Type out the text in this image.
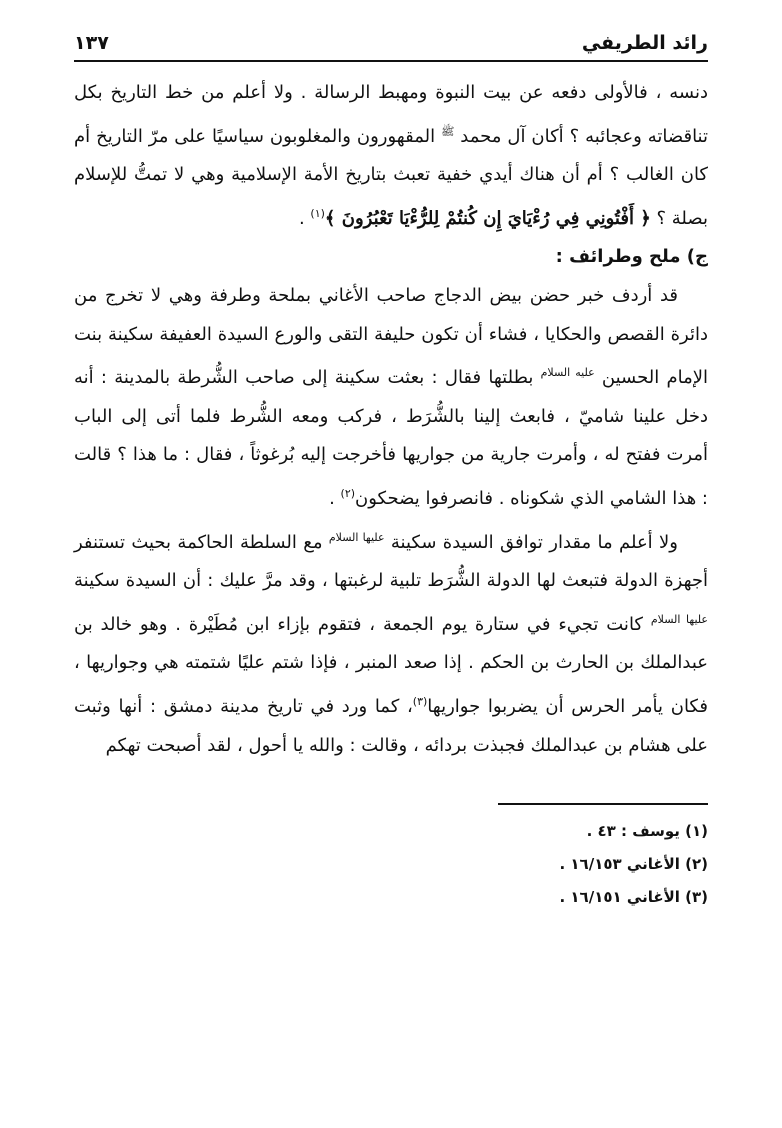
رائد الطريفي
١٣٧

دنسه ، فالأولى دفعه عن بيت النبوة ومهبط الرسالة . ولا أعلم من خط التاريخ بكل تناقضاته وعجائبه ؟ أكان آل محمد $^ﷺ$ المقهورون والمغلوبون سياسيًا على مرّ التاريخ أم كان الغالب ؟ أم أن هناك أيدي خفية تعبث بتاريخ الأمة الإسلامية وهي لا تمتُّ للإسلام بصلة ؟ ﴿ أَفْتُونِي فِي رُءْيَايَ إِن كُنتُمْ لِلرُّءْيَا تَعْبُرُونَ ﴾$^{(١)}$ .

ج) ملح وطرائف :

قد أردف خبر حضن بيض الدجاج صاحب الأغاني بملحة وطرفة وهي لا تخرج من دائرة القصص والحكايا ، فشاء أن تكون حليفة التقى والورع السيدة العفيفة سكينة بنت الإمام الحسين $^{عليه السلام}$ بطلتها فقال : بعثت سكينة إلى صاحب الشُّرطة بالمدينة : أنه دخل علينا شاميّ ، فابعث إلينا بالشُّرَط ، فركب ومعه الشُّرط فلما أتى إلى الباب أمرت ففتح له ، وأمرت جارية من جواريها فأخرجت إليه بُرغوثاً ، فقال : ما هذا ؟ قالت : هذا الشامي الذي شكوناه . فانصرفوا يضحكون$^{(٢)}$ .

ولا أعلم ما مقدار توافق السيدة سكينة $^{عليها السلام}$ مع السلطة الحاكمة بحيث تستنفر أجهزة الدولة فتبعث لها الدولة الشُّرَط تلبية لرغبتها ، وقد مرَّ عليك : أن السيدة سكينة $^{عليها السلام}$ كانت تجيء في ستارة يوم الجمعة ، فتقوم بإزاء ابن مُطَيْرة . وهو خالد بن عبدالملك بن الحارث بن الحكم . إذا صعد المنبر ، فإذا شتم عليًا شتمته هي وجواريها ، فكان يأمر الحرس أن يضربوا جواريها$^{(٣)}$، كما ورد في تاريخ مدينة دمشق : أنها وثبت على هشام بن عبدالملك فجبذت بردائه ، وقالت : والله يا أحول ، لقد أصبحت تهكم

(١) يوسف : ٤٣ .

(٢) الأغاني ١٦/١٥٣ .

(٣) الأغاني ١٦/١٥١ .
